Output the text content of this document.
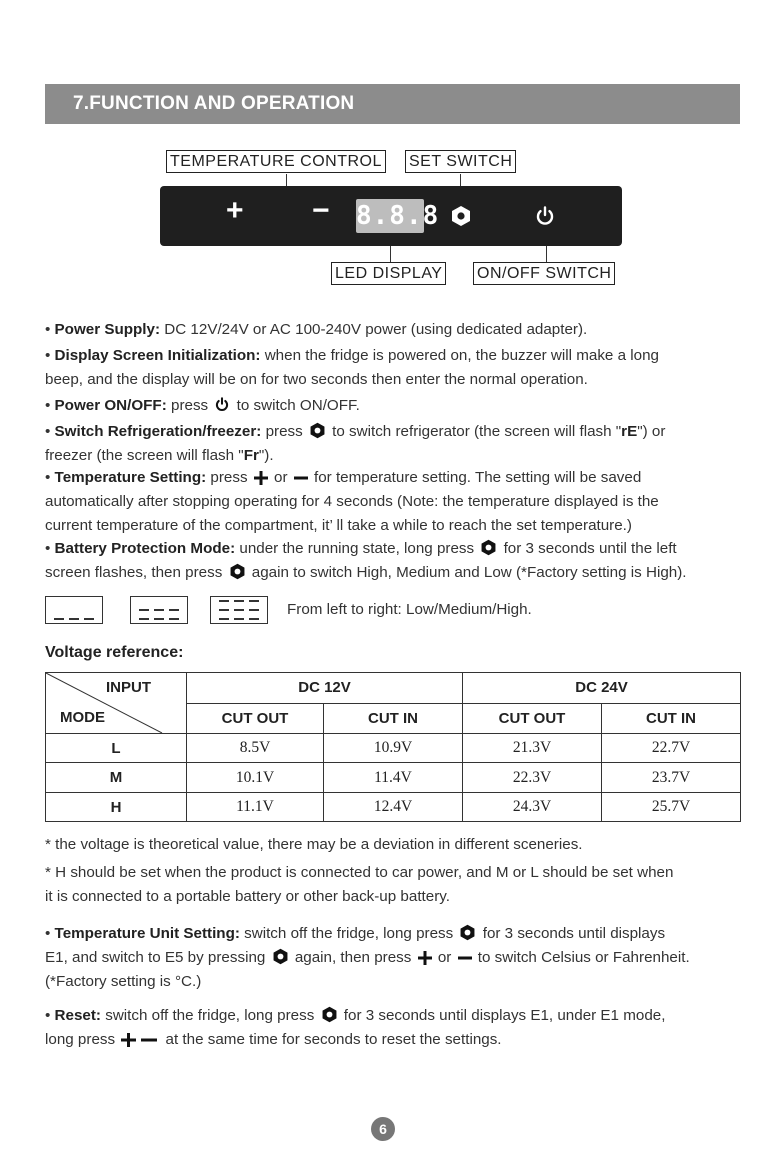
7.FUNCTION AND OPERATION
TEMPERATURE CONTROL SET SWITCH
+ − 8.8.8
LED DISPLAY ON/OFF SWITCH

• Power Supply: DC 12V/24V or AC 100-240V power (using dedicated adapter).

• Display Screen Initialization: when the fridge is powered on, the buzzer will make a long
beep, and the display will be on for two seconds then enter the normal operation.

• Power ON/OFF: press to switch ON/OFF.

• Switch Refrigeration/freezer: press to switch refrigerator (the screen will flash "rE") or
freezer (the screen will flash "Fr").

• Temperature Setting: press or for temperature setting. The setting will be saved
automatically after stopping operating for 4 seconds (Note: the temperature displayed is the
current temperature of the compartment, it’ ll take a while to reach the set temperature.)

• Battery Protection Mode: under the running state, long press for 3 seconds until the left
screen flashes, then press again to switch High, Medium and Low (*Factory setting is High).

From left to right: Low/Medium/High.

Voltage reference:

INPUT
MODE	DC 12V		DC 24V	
	CUT OUT	CUT IN	CUT OUT	CUT IN
L	8.5V	10.9V	21.3V	22.7V
M	10.1V	11.4V	22.3V	23.7V
H	11.1V	12.4V	24.3V	25.7V

* the voltage is theoretical value, there may be a deviation in different sceneries.

* H should be set when the product is connected to car power, and M or L should be set when
it is connected to a portable battery or other back-up battery.

• Temperature Unit Setting: switch off the fridge, long press for 3 seconds until displays
E1, and switch to E5 by pressing again, then press or to switch Celsius or Fahrenheit.
(*Factory setting is °C.)

• Reset: switch off the fridge, long press for 3 seconds until displays E1, under E1 mode,
long press	at the same time for seconds to reset the settings.

6
